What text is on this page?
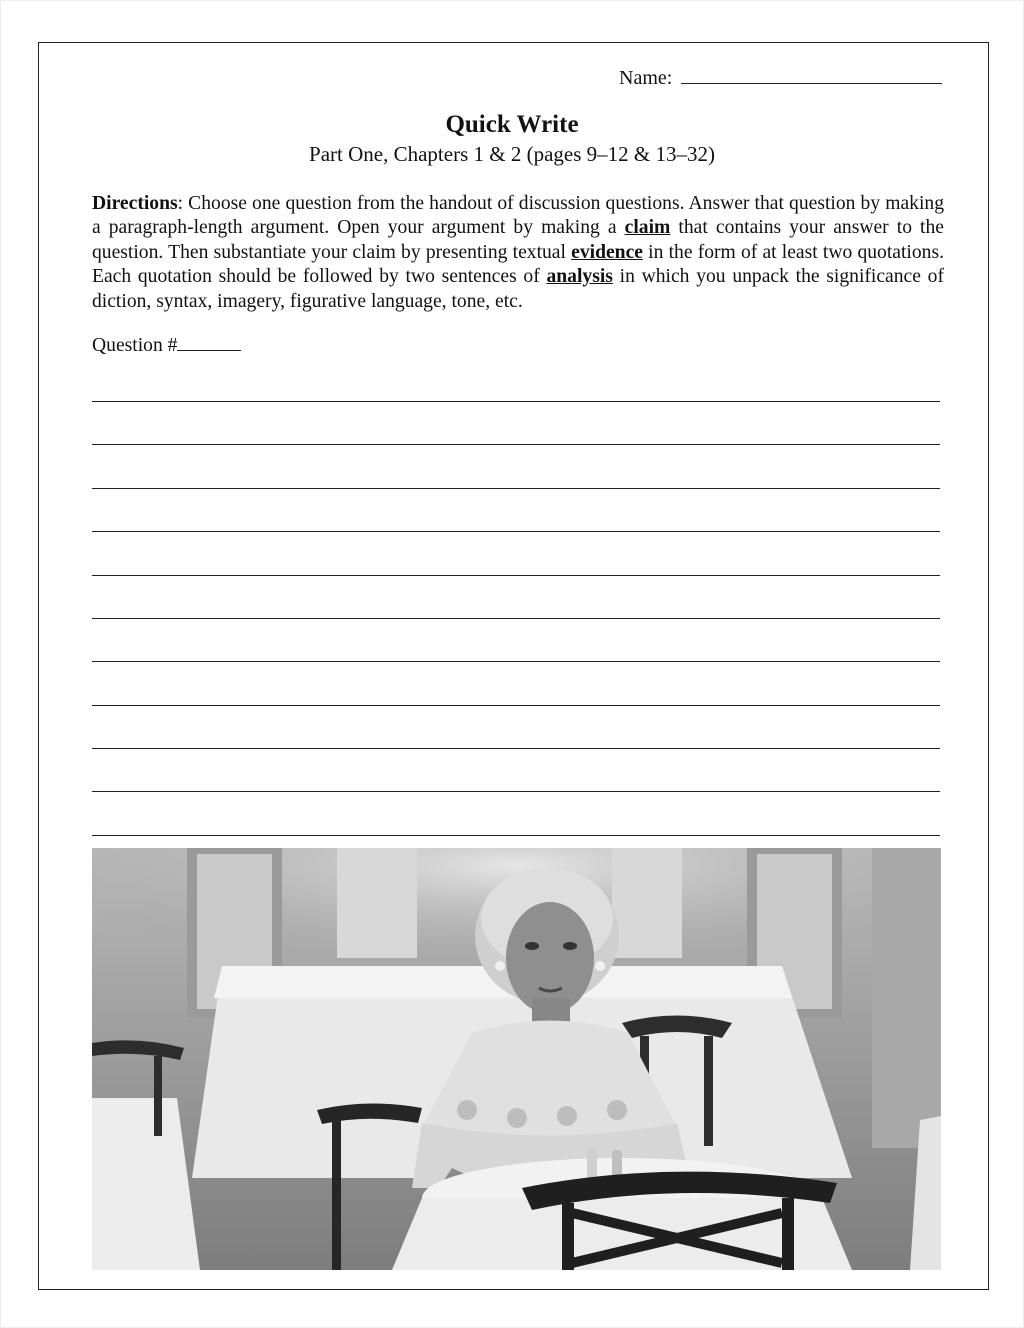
Name:
Quick Write
Part One, Chapters 1 & 2 (pages 9–12 & 13–32)

Directions: Choose one question from the handout of discussion questions. Answer that question by making a paragraph-length argument. Open your argument by making a claim that contains your answer to the question. Then substantiate your claim by presenting textual evidence in the form of at least two quotations. Each quotation should be followed by two sentences of analysis in which you unpack the significance of diction, syntax, imagery, figurative language, tone, etc.

Question #
